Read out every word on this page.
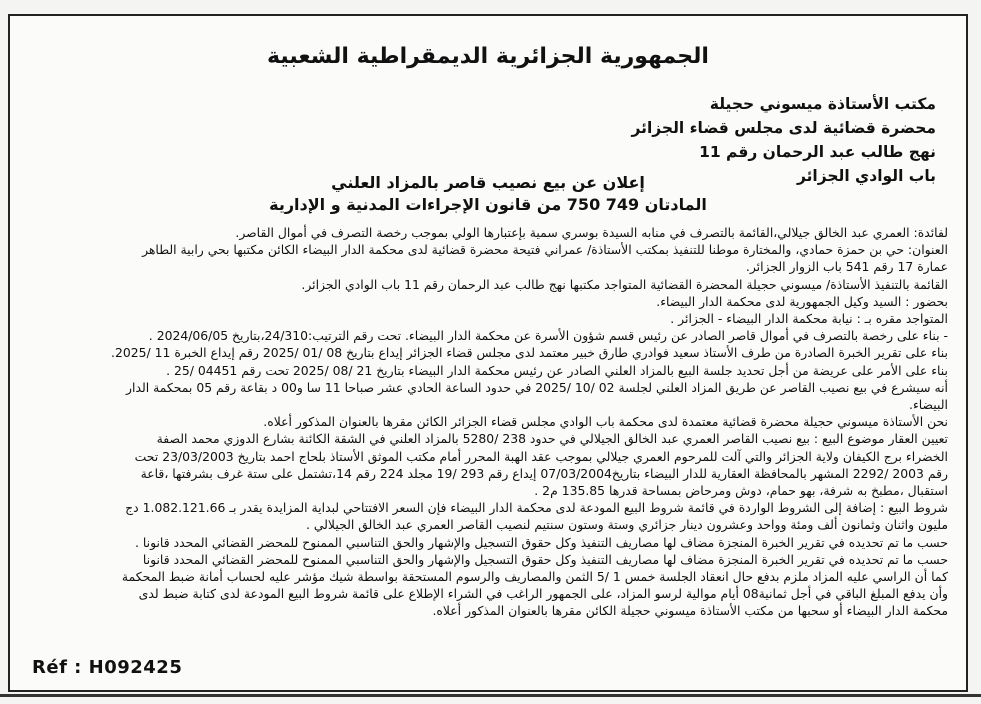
الجمهورية الجزائرية الديمقراطية الشعبية
مكتب الأستاذة ميسوني حجيلة
محضرة قضائية لدى مجلس قضاء الجزائر
نهج طالب عبد الرحمان رقم 11
باب الوادي الجزائر
إعلان عن بيع نصيب قاصر بالمزاد العلني
المادتان 749 750 من قانون الإجراءات المدنية و الإدارية

لفائدة: العمري عبد الخالق جيلالي،القائمة بالتصرف في منابه السيدة بوسري سمية بإعتبارها الولي بموجب رخصة التصرف في أموال القاصر.

العنوان: حي بن حمزة حمادي، والمختارة موطنا للتنفيذ بمكتب الأستاذة/ عمراني فتيحة محضرة قضائية لدى محكمة الدار البيضاء الكائن مكتبها بحي رابية الطاهر

عمارة 17 رقم 541 باب الزوار الجزائر.

القائمة بالتنفيذ الأستاذة/ ميسوني حجيلة المحضرة القضائية المتواجد مكتبها نهج طالب عبد الرحمان رقم 11 باب الوادي الجزائر.

بحضور : السيد وكيل الجمهورية لدى محكمة الدار البيضاء.

المتواجد مقره بـ : نيابة محكمة الدار البيضاء - الجزائر .

- بناء على رخصة بالتصرف في أموال قاصر الصادر عن رئيس قسم شؤون الأسرة عن محكمة الدار البيضاء. تحت رقم الترتيب:24/310،بتاريخ 2024/06/05 .

بناء على تقرير الخبرة الصادرة من طرف الأستاذ سعيد فوادري طارق خبير معتمد لدى مجلس قضاء الجزائر إيداع بتاريخ 08 /01 /2025 رقم إيداع الخبرة 11 /2025.

بناء على الأمر على عريضة من أجل تحديد جلسة البيع بالمزاد العلني الصادر عن رئيس محكمة الدار البيضاء بتاريخ 21 /08 /2025 تحت رقم 04451 /25 .

أنه سيشرع في بيع نصيب القاصر عن طريق المزاد العلني لجلسة 02 /10 /2025 في حدود الساعة الحادي عشر صباحا 11 سا و00 د بقاعة رقم 05 بمحكمة الدار

البيضاء.

نحن الأستاذة ميسوني حجيلة محضرة قضائية معتمدة لدى محكمة باب الوادي مجلس قضاء الجزائر الكائن مقرها بالعنوان المذكور أعلاه.

تعيين العقار موضوع البيع : بيع نصيب القاصر العمري عبد الخالق الجيلالي في حدود 238 /5280 بالمزاد العلني في الشقة الكائنة بشارع الدوزي محمد الصفة

الخضراء برج الكيفان ولاية الجزائر والتي آلت للمرحوم العمري جيلالي بموجب عقد الهبة المحرر أمام مكتب الموثق الأستاذ بلحاج احمد بتاريخ 23/03/2003 تحت

رقم 2003 /2292 المشهر بالمحافظة العقارية للدار البيضاء بتاريخ07/03/2004 إيداع رقم 293 /19 مجلد 224 رقم 14،تشتمل على ستة غرف بشرفتها ،قاعة

استقبال ،مطبخ به شرفة، بهو حمام، دوش ومرحاض بمساحة قدرها 135.85 م2 .

شروط البيع : إضافة إلى الشروط الواردة في قائمة شروط البيع المودعة لدى محكمة الدار البيضاء فإن السعر الافتتاحي لبداية المزايدة يقدر بـ 1.082.121.66 دج

مليون واثنان وثمانون ألف ومئة وواحد وعشرون دينار جزائري وستة وستون سنتيم لنصيب القاصر العمري عبد الخالق الجيلالي .

حسب ما تم تحديده في تقرير الخبرة المنجزة مضاف لها مصاريف التنفيذ وكل حقوق التسجيل والإشهار والحق التناسبي الممنوح للمحضر القضائي المحدد قانونا .

حسب ما تم تحديده في تقرير الخبرة المنجزة مضاف لها مصاريف التنفيذ وكل حقوق التسجيل والإشهار والحق التناسبي الممنوح للمحضر القضائي المحدد قانونا

كما أن الراسي عليه المزاد ملزم بدفع حال انعقاد الجلسة خمس 1 /5 الثمن والمصاريف والرسوم المستحقة بواسطة شيك مؤشر عليه لحساب أمانة ضبط المحكمة

وأن يدفع المبلغ الباقي في أجل ثمانية08 أيام موالية لرسو المزاد، على الجمهور الراغب في الشراء الإطلاع على قائمة شروط البيع المودعة لدى كتابة ضبط لدى

محكمة الدار البيضاء أو سحبها من مكتب الأستاذة ميسوني حجيلة الكائن مقرها بالعنوان المذكور أعلاه.

Réf : H092425
